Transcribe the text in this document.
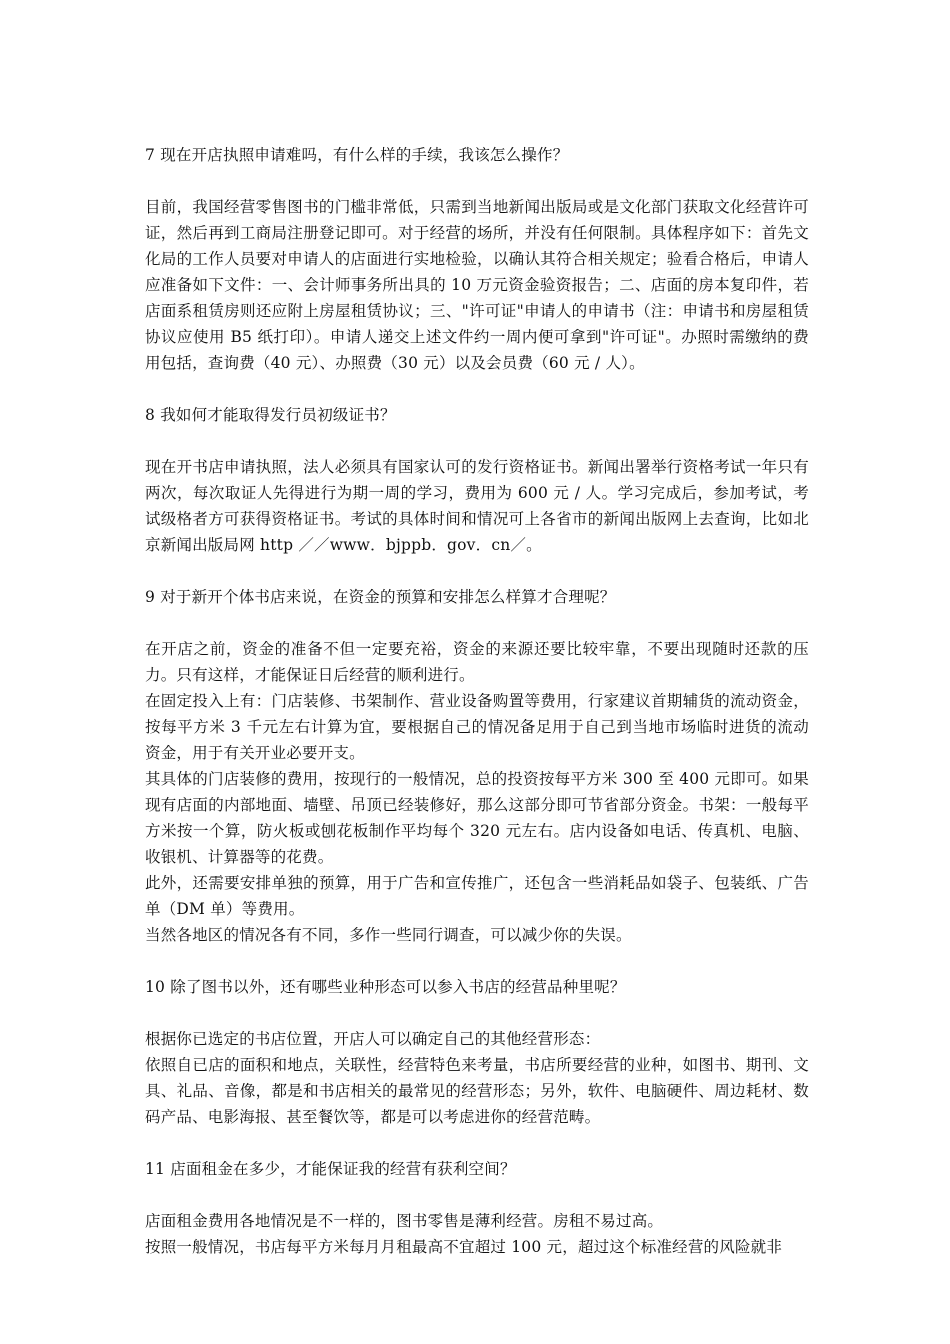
7 现在开店执照申请难吗，有什么样的手续，我该怎么操作？

目前，我国经营零售图书的门槛非常低，只需到当地新闻出版局或是文化部门获取文化经营许可证，然后再到工商局注册登记即可。对于经营的场所，并没有任何限制。具体程序如下：首先文化局的工作人员要对申请人的店面进行实地检验，以确认其符合相关规定；验看合格后，申请人应准备如下文件：一、会计师事务所出具的 10 万元资金验资报告；二、店面的房本复印件，若店面系租赁房则还应附上房屋租赁协议；三、"许可证"申请人的申请书（注：申请书和房屋租赁协议应使用 B5 纸打印）。申请人递交上述文件约一周内便可拿到"许可证"。办照时需缴纳的费用包括，查询费（40 元）、办照费（30 元）以及会员费（60 元 / 人）。

8 我如何才能取得发行员初级证书？

现在开书店申请执照，法人必须具有国家认可的发行资格证书。新闻出署举行资格考试一年只有两次，每次取证人先得进行为期一周的学习，费用为 600 元 / 人。学习完成后，参加考试，考试级格者方可获得资格证书。考试的具体时间和情况可上各省市的新闻出版网上去查询，比如北京新闻出版局网 http ／／www．bjppb．gov．cn／。

9 对于新开个体书店来说，在资金的预算和安排怎么样算才合理呢？

在开店之前，资金的准备不但一定要充裕，资金的来源还要比较牢靠，不要出现随时还款的压力。只有这样，才能保证日后经营的顺利进行。

在固定投入上有：门店装修、书架制作、营业设备购置等费用，行家建议首期辅货的流动资金，按每平方米 3 千元左右计算为宜，要根据自己的情况备足用于自己到当地市场临时进货的流动资金，用于有关开业必要开支。

其具体的门店装修的费用，按现行的一般情况，总的投资按每平方米 300 至 400 元即可。如果现有店面的内部地面、墙壁、吊顶已经装修好，那么这部分即可节省部分资金。书架：一般每平方米按一个算，防火板或刨花板制作平均每个 320 元左右。店内设备如电话、传真机、电脑、收银机、计算器等的花费。

此外，还需要安排单独的预算，用于广告和宣传推广，还包含一些消耗品如袋子、包装纸、广告单（DM 单）等费用。

当然各地区的情况各有不同，多作一些同行调查，可以减少你的失误。

10 除了图书以外，还有哪些业种形态可以参入书店的经营品种里呢？

根据你已选定的书店位置，开店人可以确定自己的其他经营形态：

依照自已店的面积和地点，关联性，经营特色来考量，书店所要经营的业种，如图书、期刊、文具、礼品、音像，都是和书店相关的最常见的经营形态；另外，软件、电脑硬件、周边耗材、数码产品、电影海报、甚至餐饮等，都是可以考虑进你的经营范畴。

11 店面租金在多少，才能保证我的经营有获利空间？

店面租金费用各地情况是不一样的，图书零售是薄利经营。房租不易过高。

按照一般情况，书店每平方米每月月租最高不宜超过 100 元，超过这个标准经营的风险就非
